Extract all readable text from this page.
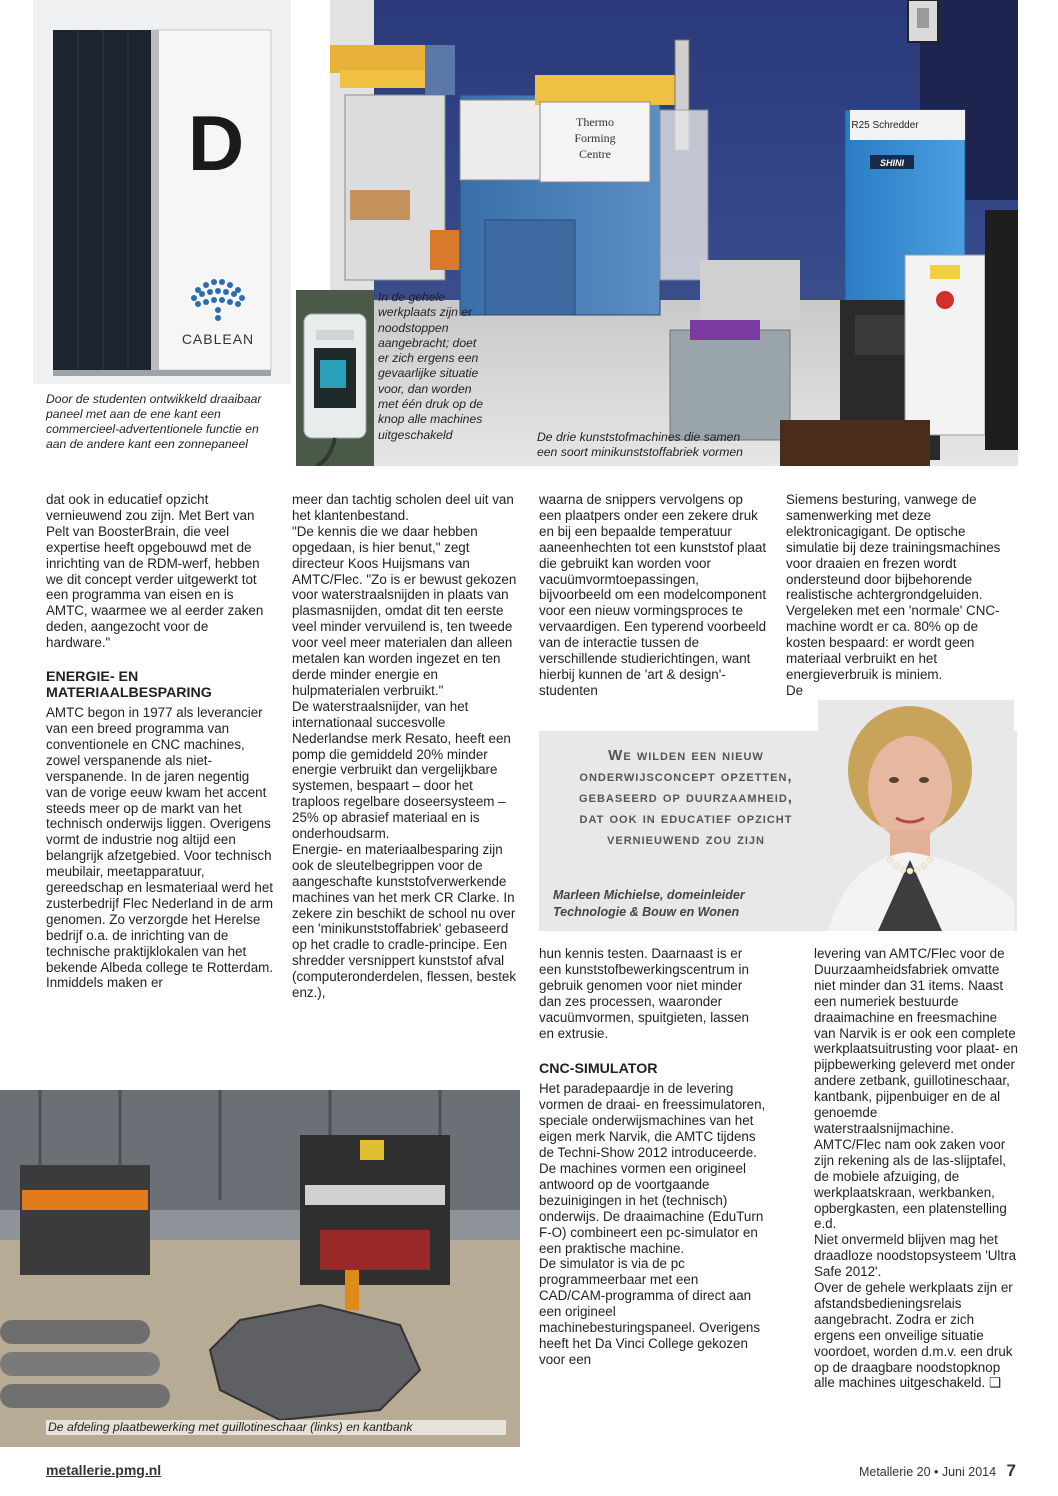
Thermo
Forming
Centre
R25 Schredder
SHINI
D
CABLEAN
Door de studenten ontwikkeld draaibaar paneel met aan de ene kant een commercieel-advertentionele functie en aan de andere kant een zonnepaneel
In de gehele werkplaats zijn er noodstoppen aangebracht; doet er zich ergens een gevaarlijke situatie voor, dan worden met één druk op de knop alle machines uitgeschakeld	De drie kunststofmachines die samen een soort minikunststoffabriek vormen

dat ook in educatief opzicht vernieuwend zou zijn. Met Bert van Pelt van BoosterBrain, die veel expertise heeft opgebouwd met de inrichting van de RDM-werf, hebben we dit concept verder uitgewerkt tot een programma van eisen en is AMTC, waarmee we al eerder zaken deden, aangezocht voor de hardware."

ENERGIE- EN MATERIAALBESPARING

AMTC begon in 1977 als leverancier van een breed programma van conventionele en CNC machines, zowel verspanende als niet-verspanende. In de jaren negentig van de vorige eeuw kwam het accent steeds meer op de markt van het technisch onderwijs liggen. Overigens vormt de industrie nog altijd een belangrijk afzetgebied. Voor technisch meubilair, meetapparatuur, gereedschap en lesmateriaal werd het zusterbedrijf Flec Nederland in de arm genomen. Zo verzorgde het Herelse bedrijf o.a. de inrichting van de technische praktijklokalen van het bekende Albeda college te Rotterdam. Inmiddels maken er

meer dan tachtig scholen deel uit van het klantenbestand.

"De kennis die we daar hebben opgedaan, is hier benut," zegt directeur Koos Huijsmans van AMTC/Flec. "Zo is er bewust gekozen voor waterstraalsnijden in plaats van plasmasnijden, omdat dit ten eerste veel minder vervuilend is, ten tweede voor veel meer materialen dan alleen metalen kan worden ingezet en ten derde minder energie en hulpmaterialen verbruikt."

De waterstraalsnijder, van het internationaal succesvolle Nederlandse merk Resato, heeft een pomp die gemiddeld 20% minder energie verbruikt dan vergelijkbare systemen, bespaart – door het traploos regelbare doseersysteem – 25% op abrasief materiaal en is onderhoudsarm.

Energie- en materiaalbesparing zijn ook de sleutelbegrippen voor de aangeschafte kunststofverwerkende machines van het merk CR Clarke. In zekere zin beschikt de school nu over een 'minikunststoffabriek' gebaseerd op het cradle to cradle-principe. Een shredder versnippert kunststof afval (computeronderdelen, flessen, bestek enz.),

waarna de snippers vervolgens op een plaatpers onder een zekere druk en bij een bepaalde temperatuur aaneenhechten tot een kunststof plaat die gebruikt kan worden voor vacuümvormtoepassingen, bijvoorbeeld om een modelcomponent voor een nieuw vormingsproces te vervaardigen. Een typerend voorbeeld van de interactie tussen de verschillende studierichtingen, want hierbij kunnen de 'art & design'-studenten

Siemens besturing, vanwege de samenwerking met deze elektronicagigant. De optische simulatie bij deze trainingsmachines voor draaien en frezen wordt ondersteund door bijbehorende realistische achtergrondgeluiden. Vergeleken met een 'normale' CNC-machine wordt er ca. 80% op de kosten bespaard: er wordt geen materiaal verbruikt en het energieverbruik is miniem.

De

We wilden een nieuw
onderwijsconcept opzetten,
gebaseerd op duurzaamheid,
dat ook in educatief opzicht
vernieuwend zou zijn
Marleen Michielse, domeinleider
Technologie & Bouw en Wonen

hun kennis testen. Daarnaast is er een kunststofbewerkingscentrum in gebruik genomen voor niet minder dan zes processen, waaronder vacuümvormen, spuitgieten, lassen en extrusie.

CNC-SIMULATOR

Het paradepaardje in de levering vormen de draai- en freessimulatoren, speciale onderwijsmachines van het eigen merk Narvik, die AMTC tijdens de Techni-Show 2012 introduceerde.

De machines vormen een origineel antwoord op de voortgaande bezuinigingen in het (technisch) onderwijs. De draaimachine (EduTurn F-O) combineert een pc-simulator en een praktische machine.

De simulator is via de pc programmeerbaar met een CAD/CAM-programma of direct aan een origineel machinebesturingspaneel. Overigens heeft het Da Vinci College gekozen voor een

levering van AMTC/Flec voor de Duurzaamheidsfabriek omvatte niet minder dan 31 items. Naast een numeriek bestuurde draaimachine en freesmachine van Narvik is er ook een complete werkplaatsuitrusting voor plaat- en pijpbewerking geleverd met onder andere zetbank, guillotineschaar, kantbank, pijpenbuiger en de al genoemde waterstraalsnijmachine.

AMTC/Flec nam ook zaken voor zijn rekening als de las-slijptafel, de mobiele afzuiging, de werkplaatskraan, werkbanken, opbergkasten, een platenstelling e.d.

Niet onvermeld blijven mag het draadloze noodstopsysteem 'Ultra Safe 2012'.

Over de gehele werkplaats zijn er afstandsbedieningsrelais aangebracht. Zodra er zich ergens een onveilige situatie voordoet, worden d.m.v. een druk op de draagbare noodstopknop alle machines uitgeschakeld. ❑

De afdeling plaatbewerking met guillotineschaar (links) en kantbank
metallerie.pmg.nl	Metallerie 20 • Juni 2014 7
